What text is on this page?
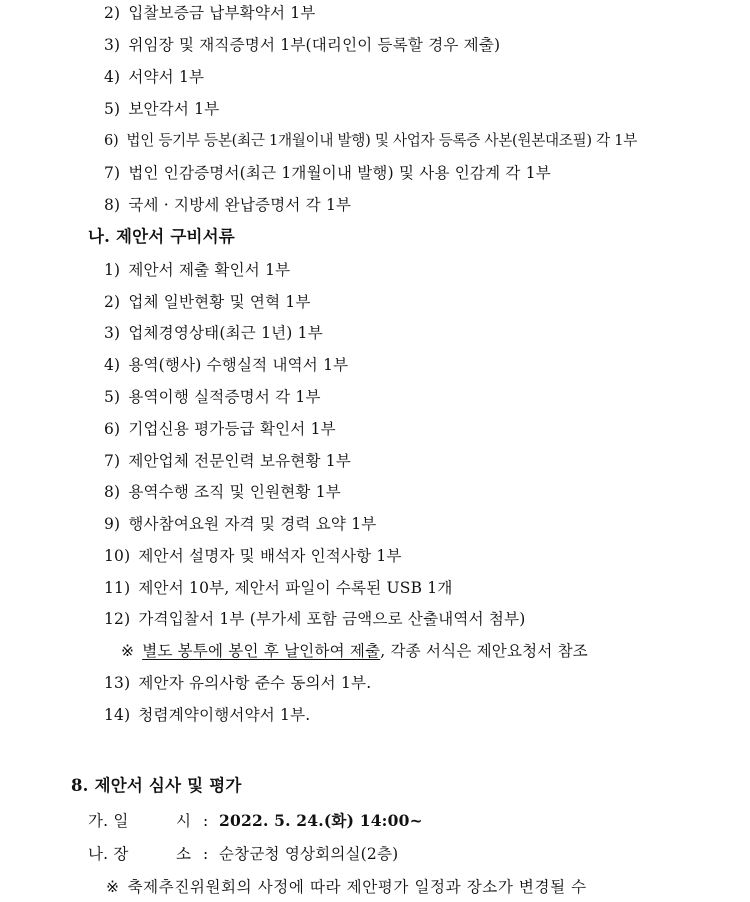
2) 입찰보증금 납부확약서 1부
3) 위임장 및 재직증명서 1부(대리인이 등록할 경우 제출)
4) 서약서 1부
5) 보안각서 1부
6) 법인 등기부 등본(최근 1개월이내 발행) 및 사업자 등록증 사본(원본대조필) 각 1부
7) 법인 인감증명서(최근 1개월이내 발행) 및 사용 인감계 각 1부
8) 국세 · 지방세 완납증명서 각 1부
나. 제안서 구비서류
1) 제안서 제출 확인서 1부
2) 업체 일반현황 및 연혁 1부
3) 업체경영상태(최근 1년) 1부
4) 용역(행사) 수행실적 내역서 1부
5) 용역이행 실적증명서 각 1부
6) 기업신용 평가등급 확인서 1부
7) 제안업체 전문인력 보유현황 1부
8) 용역수행 조직 및 인원현황 1부
9) 행사참여요원 자격 및 경력 요약 1부
10) 제안서 설명자 및 배석자 인적사항 1부
11) 제안서 10부, 제안서 파일이 수록된 USB 1개
12) 가격입찰서 1부 (부가세 포함 금액으로 산출내역서 첨부)
※ 별도 봉투에 봉인 후 날인하여 제출, 각종 서식은 제안요청서 참조
13) 제안자 유의사항 준수 동의서 1부.
14) 청렴계약이행서약서 1부.
8. 제안서 심사 및 평가
가. 일	시 : 2022. 5. 24.(화) 14:00~
나. 장	소 : 순창군청 영상회의실(2층)
※ 축제추진위원회의 사정에 따라 제안평가 일정과 장소가 변경될 수
